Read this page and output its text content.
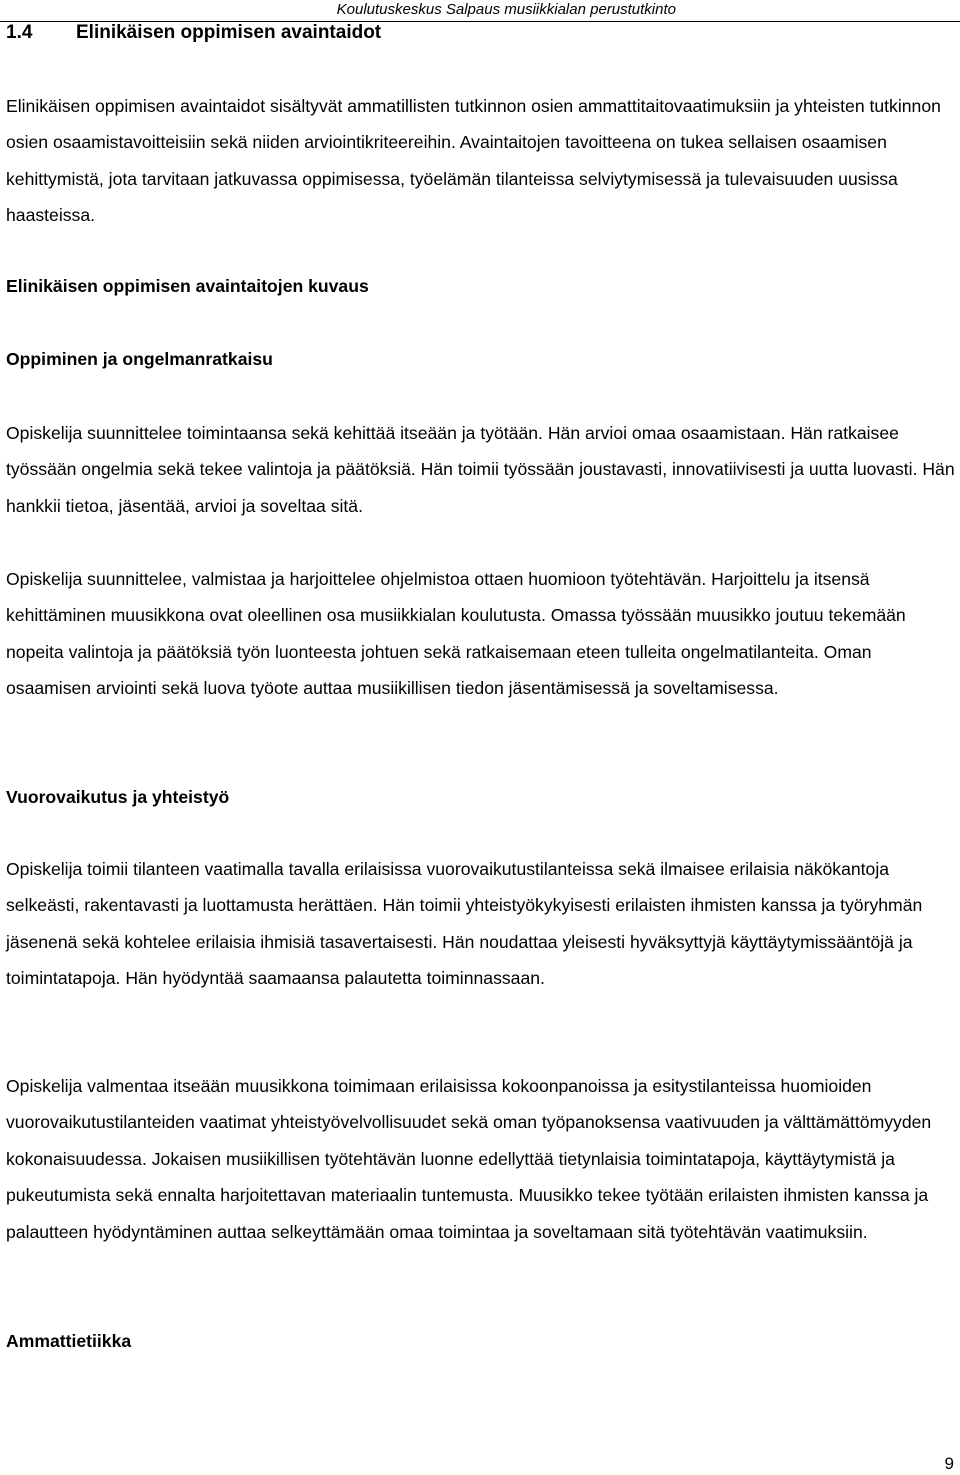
Koulutuskeskus Salpaus musiikkialan perustutkinto
1.4 Elinikäisen oppimisen avaintaidot

Elinikäisen oppimisen avaintaidot sisältyvät ammatillisten tutkinnon osien ammattitaitovaatimuksiin ja yhteisten tutkinnon osien osaamistavoitteisiin sekä niiden arviointikriteereihin. Avaintaitojen tavoitteena on tukea sellaisen osaamisen kehittymistä, jota tarvitaan jatkuvassa oppimisessa, työelämän tilanteissa selviytymisessä ja tulevaisuuden uusissa haasteissa.

Elinikäisen oppimisen avaintaitojen kuvaus
Oppiminen ja ongelmanratkaisu

Opiskelija suunnittelee toimintaansa sekä kehittää itseään ja työtään. Hän arvioi omaa osaamistaan. Hän ratkaisee työssään ongelmia sekä tekee valintoja ja päätöksiä. Hän toimii työssään joustavasti, innovatiivisesti ja uutta luovasti. Hän hankkii tietoa, jäsentää, arvioi ja soveltaa sitä.

Opiskelija suunnittelee, valmistaa ja harjoittelee ohjelmistoa ottaen huomioon työtehtävän. Harjoittelu ja itsensä kehittäminen muusikkona ovat oleellinen osa musiikkialan koulutusta. Omassa työssään muusikko joutuu tekemään nopeita valintoja ja päätöksiä työn luonteesta johtuen sekä ratkaisemaan eteen tulleita ongelmatilanteita. Oman osaamisen arviointi sekä luova työote auttaa musiikillisen tiedon jäsentämisessä ja soveltamisessa.

Vuorovaikutus ja yhteistyö

Opiskelija toimii tilanteen vaatimalla tavalla erilaisissa vuorovaikutustilanteissa sekä ilmaisee erilaisia näkökantoja selkeästi, rakentavasti ja luottamusta herättäen. Hän toimii yhteistyökykyisesti erilaisten ihmisten kanssa ja työryhmän jäsenenä sekä kohtelee erilaisia ihmisiä tasavertaisesti. Hän noudattaa yleisesti hyväksyttyjä käyttäytymissääntöjä ja toimintatapoja. Hän hyödyntää saamaansa palautetta toiminnassaan.

Opiskelija valmentaa itseään muusikkona toimimaan erilaisissa kokoonpanoissa ja esitystilanteissa huomioiden vuorovaikutustilanteiden vaatimat yhteistyövelvollisuudet sekä oman työpanoksensa vaativuuden ja välttämättömyyden kokonaisuudessa. Jokaisen musiikillisen työtehtävän luonne edellyttää tietynlaisia toimintatapoja, käyttäytymistä ja pukeutumista sekä ennalta harjoitettavan materiaalin tuntemusta. Muusikko tekee työtään erilaisten ihmisten kanssa ja palautteen hyödyntäminen auttaa selkeyttämään omaa toimintaa ja soveltamaan sitä työtehtävän vaatimuksiin.

Ammattietiikka
9
